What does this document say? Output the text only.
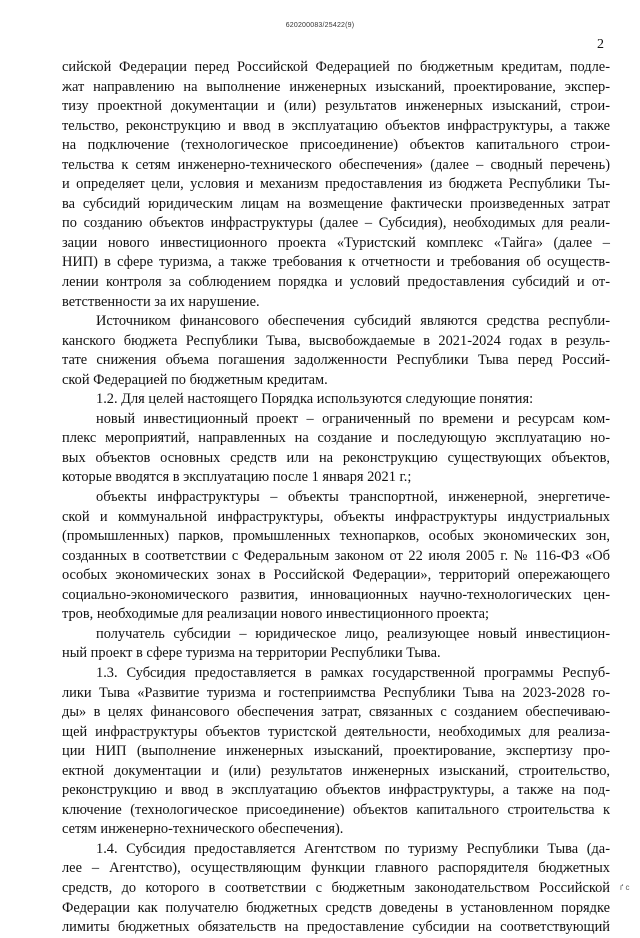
620200083/25422(9)
2
сийской Федерации перед Российской Федерацией по бюджетным кредитам, подле-
жат направлению на выполнение инженерных изысканий, проектирование, экспер-
тизу проектной документации и (или) результатов инженерных изысканий, строи-
тельство, реконструкцию и ввод в эксплуатацию объектов инфраструктуры, а также
на подключение (технологическое присоединение) объектов капитального строи-
тельства к сетям инженерно-технического обеспечения» (далее – сводный перечень)
и определяет цели, условия и механизм предоставления из бюджета Республики Ты-
ва субсидий юридическим лицам на возмещение фактически произведенных затрат
по созданию объектов инфраструктуры (далее – Субсидия), необходимых для реали-
зации нового инвестиционного проекта «Туристский комплекс «Тайга» (далее –
НИП) в сфере туризма, а также требования к отчетности и требования об осуществ-
лении контроля за соблюдением порядка и условий предоставления субсидий и от-
ветственности за их нарушение.
Источником финансового обеспечения субсидий являются средства республи-
канского бюджета Республики Тыва, высвобождаемые в 2021-2024 годах в резуль-
тате снижения объема погашения задолженности Республики Тыва перед Россий-
ской Федерацией по бюджетным кредитам.
1.2. Для целей настоящего Порядка используются следующие понятия:
новый инвестиционный проект – ограниченный по времени и ресурсам ком-
плекс мероприятий, направленных на создание и последующую эксплуатацию но-
вых объектов основных средств или на реконструкцию существующих объектов,
которые вводятся в эксплуатацию после 1 января 2021 г.;
объекты инфраструктуры – объекты транспортной, инженерной, энергетиче-
ской и коммунальной инфраструктуры, объекты инфраструктуры индустриальных
(промышленных) парков, промышленных технопарков, особых экономических зон,
созданных в соответствии с Федеральным законом от 22 июля 2005 г. № 116-ФЗ «Об
особых экономических зонах в Российской Федерации», территорий опережающего
социально-экономического развития, инновационных научно-технологических цен-
тров, необходимые для реализации нового инвестиционного проекта;
получатель субсидии – юридическое лицо, реализующее новый инвестицион-
ный проект в сфере туризма на территории Республики Тыва.
1.3. Субсидия предоставляется в рамках государственной программы Респуб-
лики Тыва «Развитие туризма и гостеприимства Республики Тыва на 2023-2028 го-
ды» в целях финансового обеспечения затрат, связанных с созданием обеспечиваю-
щей инфраструктуры объектов туристской деятельности, необходимых для реализа-
ции НИП (выполнение инженерных изысканий, проектирование, экспертизу про-
ектной документации и (или) результатов инженерных изысканий, строительство,
реконструкцию и ввод в эксплуатацию объектов инфраструктуры, а также на под-
ключение (технологическое присоединение) объектов капитального строительства к
сетям инженерно-технического обеспечения).
1.4. Субсидия предоставляется Агентством по туризму Республики Тыва (да-
лее – Агентство), осуществляющим функции главного распорядителя бюджетных
средств, до которого в соответствии с бюджетным законодательством Российской
Федерации как получателю бюджетных средств доведены в установленном порядке
лимиты бюджетных обязательств на предоставление субсидии на соответствующий
ґ с
